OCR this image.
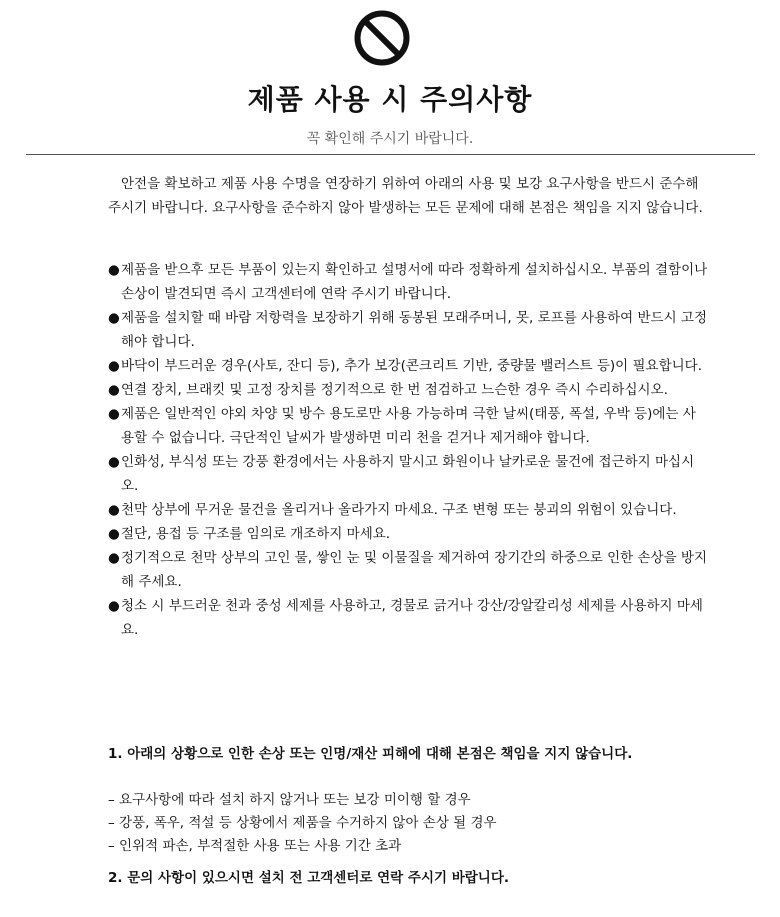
제품 사용 시 주의사항
꼭 확인해 주시기 바랍니다.

안전을 확보하고 제품 사용 수명을 연장하기 위하여 아래의 사용 및 보강 요구사항을 반드시 준수해 주시기 바랍니다. 요구사항을 준수하지 않아 발생하는 모든 문제에 대해 본점은 책임을 지지 않습니다.

●제품을 받으후 모든 부품이 있는지 확인하고 설명서에 따라 정확하게 설치하십시오. 부품의 결함이나 손상이 발견되면 즉시 고객센터에 연락 주시기 바랍니다.
●제품을 설치할 때 바람 저항력을 보장하기 위해 동봉된 모래주머니, 못, 로프를 사용하여 반드시 고정해야 합니다.
●바닥이 부드러운 경우(사토, 잔디 등), 추가 보강(콘크리트 기반, 중량물 밸러스트 등)이 필요합니다.
●연결 장치, 브래킷 및 고정 장치를 정기적으로 한 번 점검하고 느슨한 경우 즉시 수리하십시오.
●제품은 일반적인 야외 차양 및 방수 용도로만 사용 가능하며 극한 날씨(태풍, 폭설, 우박 등)에는 사용할 수 없습니다. 극단적인 날씨가 발생하면 미리 천을 걷거나 제거해야 합니다.
●인화성, 부식성 또는 강풍 환경에서는 사용하지 말시고 화원이나 날카로운 물건에 접근하지 마십시오.
●천막 상부에 무거운 물건을 올리거나 올라가지 마세요. 구조 변형 또는 붕괴의 위험이 있습니다.
●절단, 용접 등 구조를 임의로 개조하지 마세요.
●정기적으로 천막 상부의 고인 물, 쌓인 눈 및 이물질을 제거하여 장기간의 하중으로 인한 손상을 방지해 주세요.
●청소 시 부드러운 천과 중성 세제를 사용하고, 경물로 긁거나 강산/강알칼리성 세제를 사용하지 마세요.

1. 아래의 상황으로 인한 손상 또는 인명/재산 피해에 대해 본점은 책임을 지지 않습니다.

– 요구사항에 따라 설치 하지 않거나 또는 보강 미이행 할 경우
– 강풍, 폭우, 적설 등 상황에서 제품을 수거하지 않아 손상 될 경우
– 인위적 파손, 부적절한 사용 또는 사용 기간 초과

2. 문의 사항이 있으시면 설치 전 고객센터로 연락 주시기 바랍니다.
